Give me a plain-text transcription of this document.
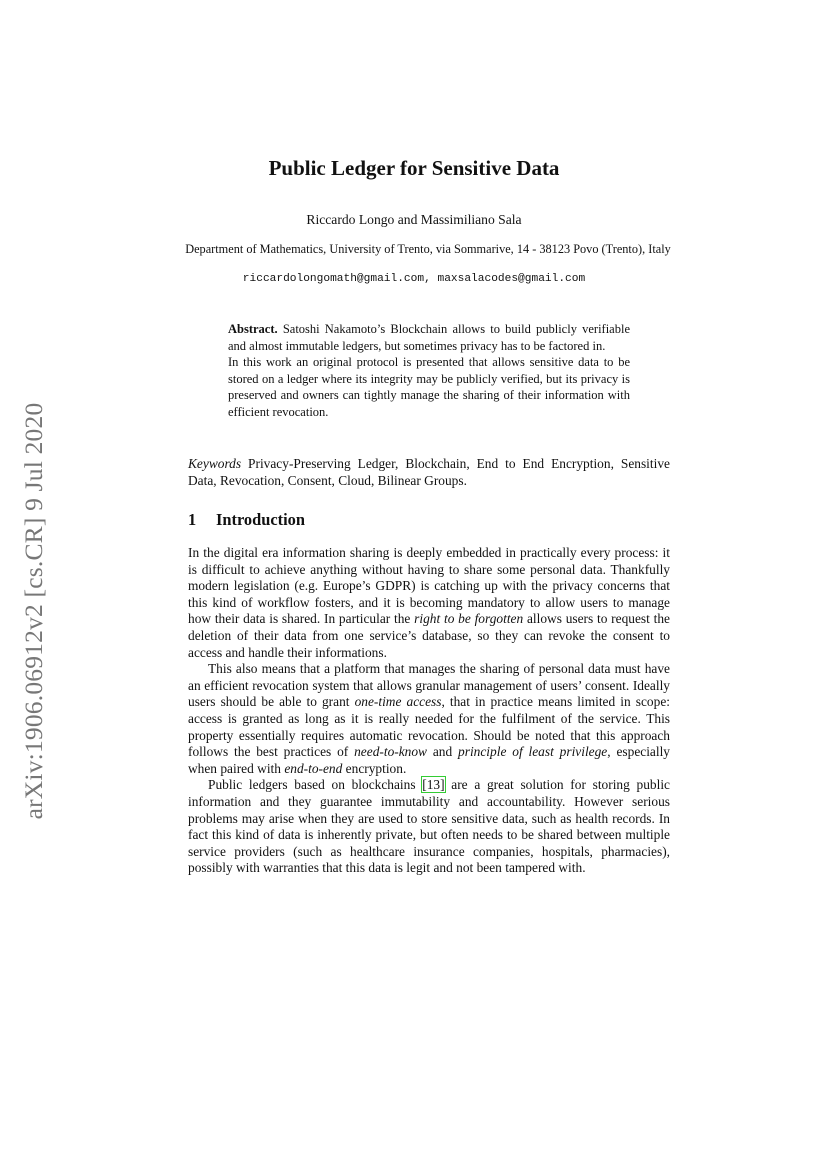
arXiv:1906.06912v2 [cs.CR] 9 Jul 2020
Public Ledger for Sensitive Data
Riccardo Longo and Massimiliano Sala
Department of Mathematics, University of Trento, via Sommarive, 14 - 38123 Povo (Trento), Italy
riccardolongomath@gmail.com, maxsalacodes@gmail.com

Abstract. Satoshi Nakamoto’s Blockchain allows to build publicly verifiable and almost immutable ledgers, but sometimes privacy has to be factored in.

In this work an original protocol is presented that allows sensitive data to be stored on a ledger where its integrity may be publicly verified, but its privacy is preserved and owners can tightly manage the sharing of their information with efficient revocation.

Keywords Privacy-Preserving Ledger, Blockchain, End to End Encryption, Sensitive Data, Revocation, Consent, Cloud, Bilinear Groups.
1 Introduction

In the digital era information sharing is deeply embedded in practically every process: it is difficult to achieve anything without having to share some personal data. Thankfully modern legislation (e.g. Europe’s GDPR) is catching up with the privacy concerns that this kind of workflow fosters, and it is becoming mandatory to allow users to manage how their data is shared. In particular the right to be forgotten allows users to request the deletion of their data from one service’s database, so they can revoke the consent to access and handle their informations.

This also means that a platform that manages the sharing of personal data must have an efficient revocation system that allows granular management of users’ consent. Ideally users should be able to grant one-time access, that in practice means limited in scope: access is granted as long as it is really needed for the fulfilment of the service. This property essentially requires automatic revocation. Should be noted that this approach follows the best practices of need-to-know and principle of least privilege, especially when paired with end-to-end encryption.

Public ledgers based on blockchains [13] are a great solution for storing public information and they guarantee immutability and accountability. However serious problems may arise when they are used to store sensitive data, such as health records. In fact this kind of data is inherently private, but often needs to be shared between multiple service providers (such as healthcare insurance companies, hospitals, pharmacies), possibly with warranties that this data is legit and not been tampered with.
